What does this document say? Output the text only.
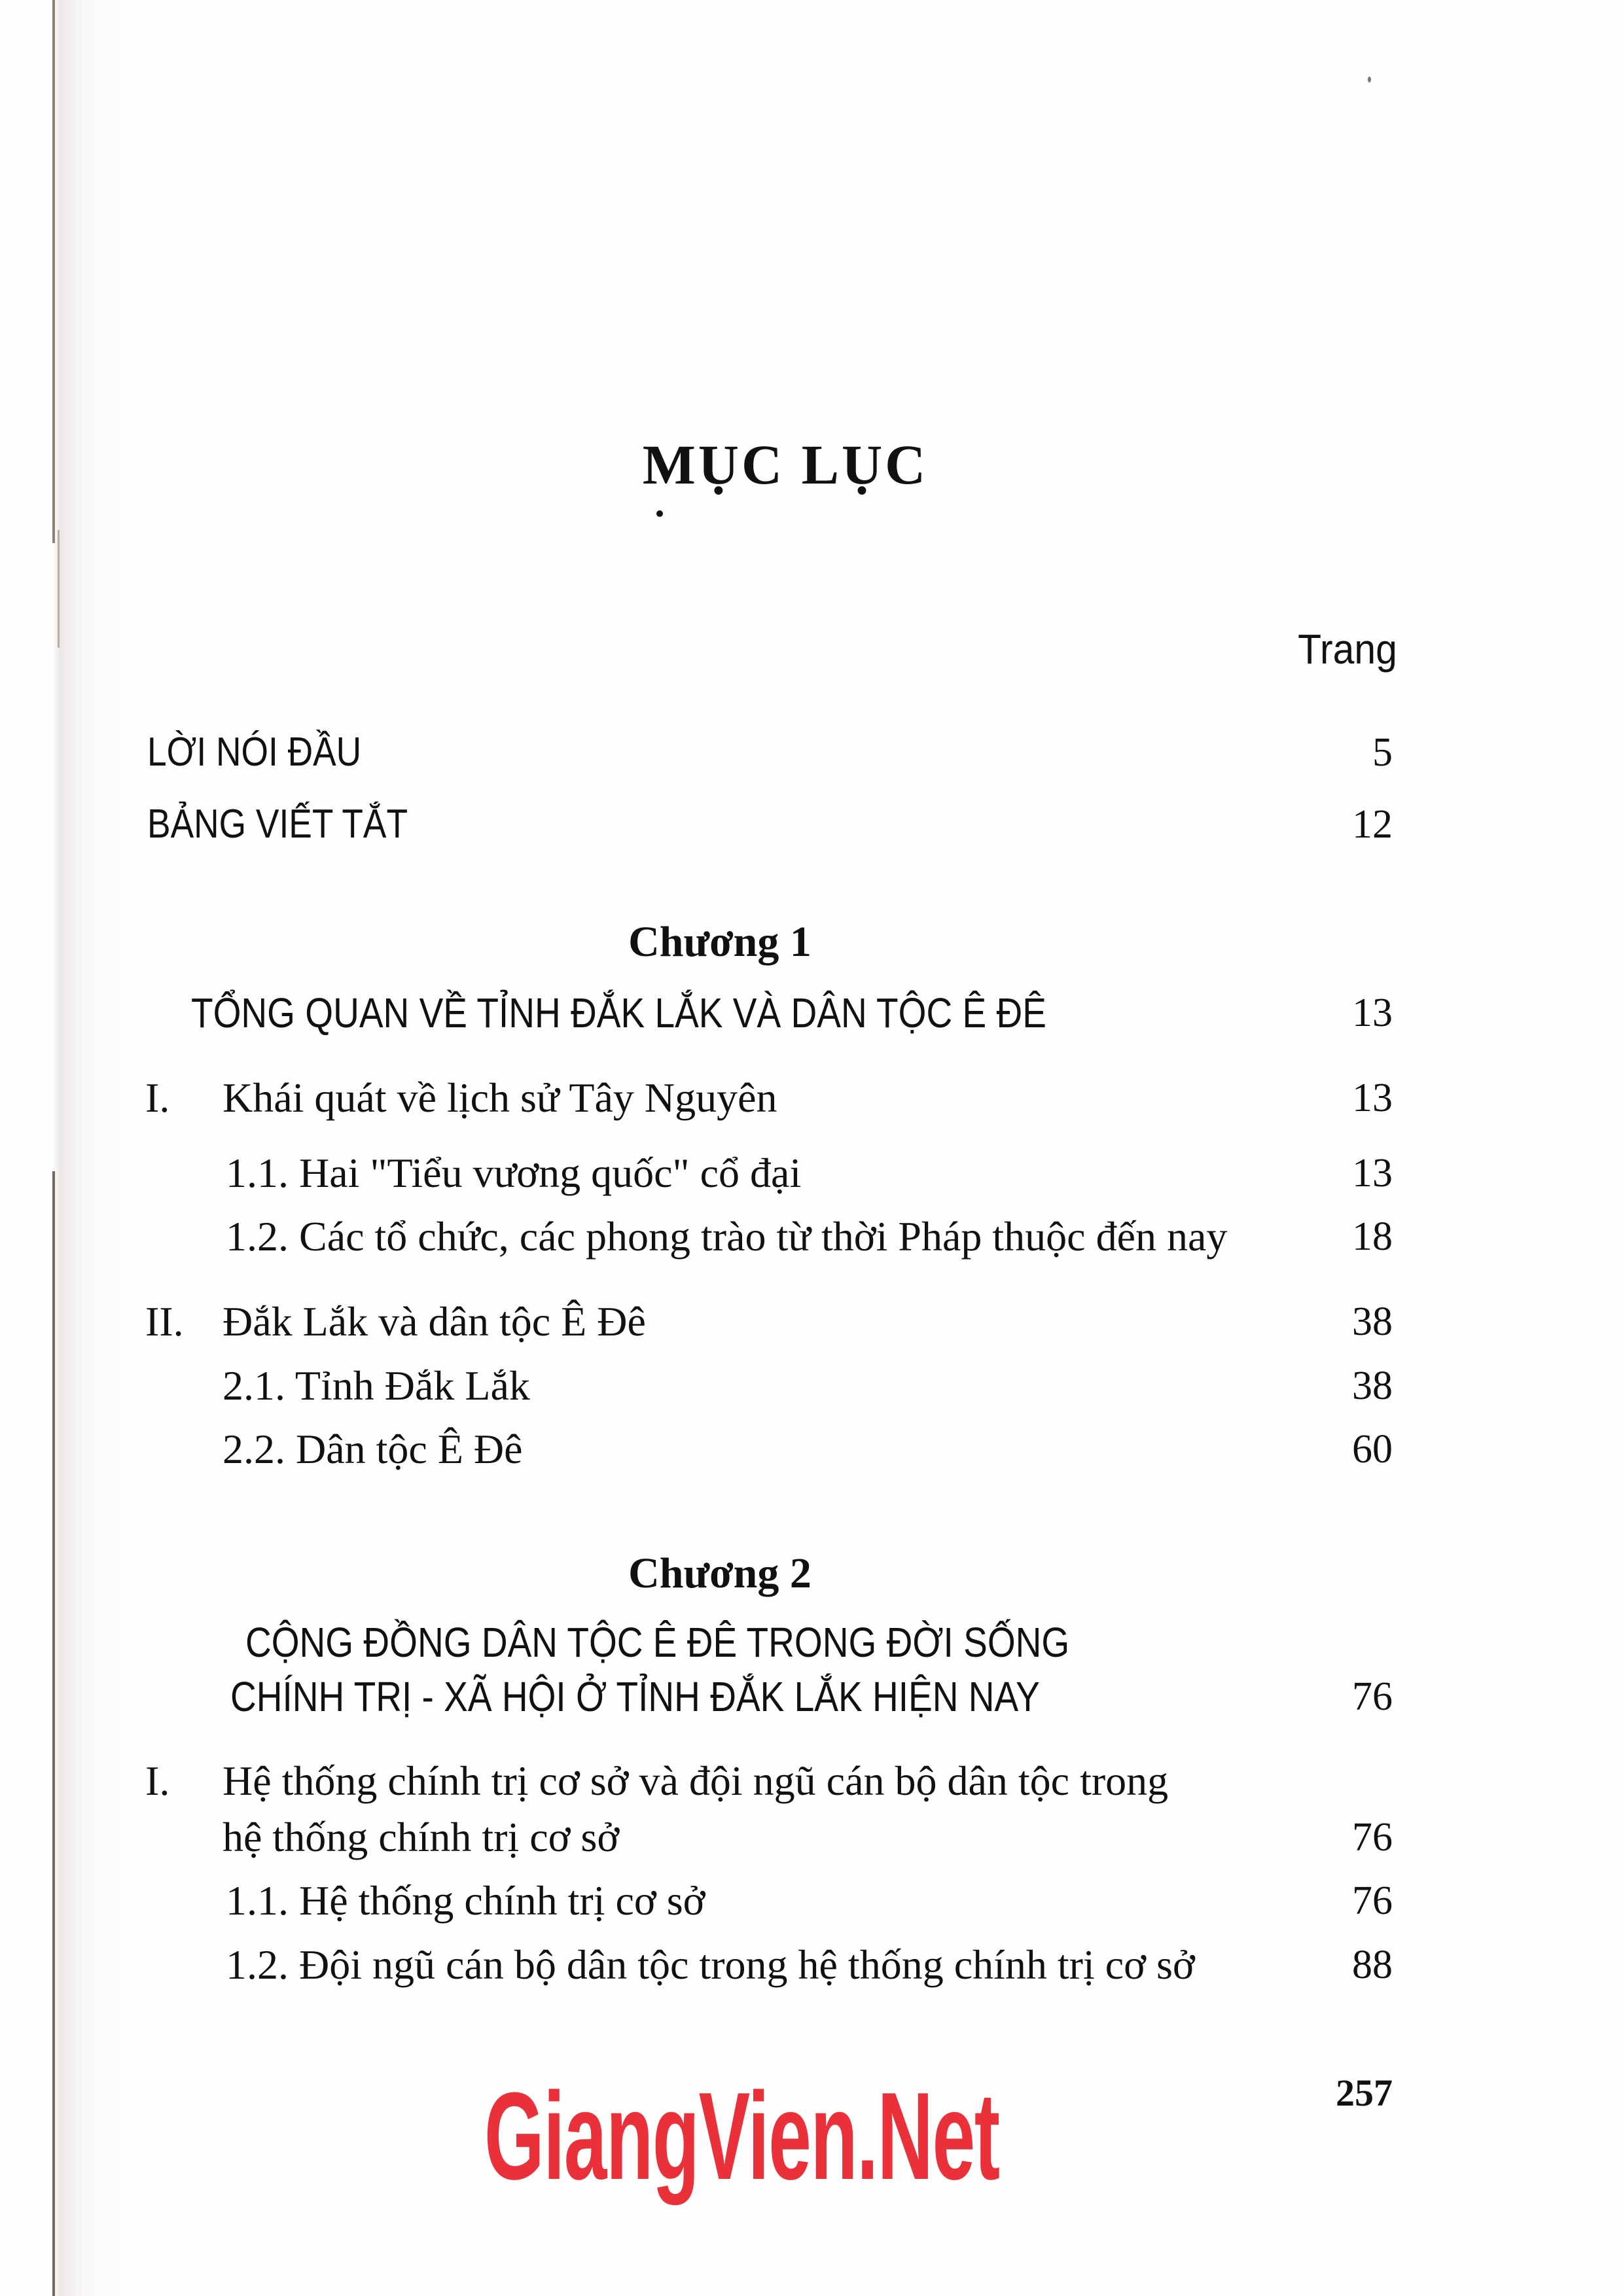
MỤC LỤC
Trang
LỜI NÓI ĐẦU	5
BẢNG VIẾT TẮT	12
Chương 1
TỔNG QUAN VỀ TỈNH ĐẮK LẮK VÀ DÂN TỘC Ê ĐÊ	13
I. Khái quát về lịch sử Tây Nguyên	13
1.1. Hai "Tiểu vương quốc" cổ đại	13
1.2. Các tổ chức, các phong trào từ thời Pháp thuộc đến nay	18
II. Đắk Lắk và dân tộc Ê Đê	38
2.1. Tỉnh Đắk Lắk	38
2.2. Dân tộc Ê Đê	60
Chương 2
CỘNG ĐỒNG DÂN TỘC Ê ĐÊ TRONG ĐỜI SỐNG
CHÍNH TRỊ - XÃ HỘI Ở TỈNH ĐẮK LẮK HIỆN NAY	76
I. Hệ thống chính trị cơ sở và đội ngũ cán bộ dân tộc trong
hệ thống chính trị cơ sở	76
1.1. Hệ thống chính trị cơ sở	76
1.2. Đội ngũ cán bộ dân tộc trong hệ thống chính trị cơ sở	88
GiangVien.Net	257
